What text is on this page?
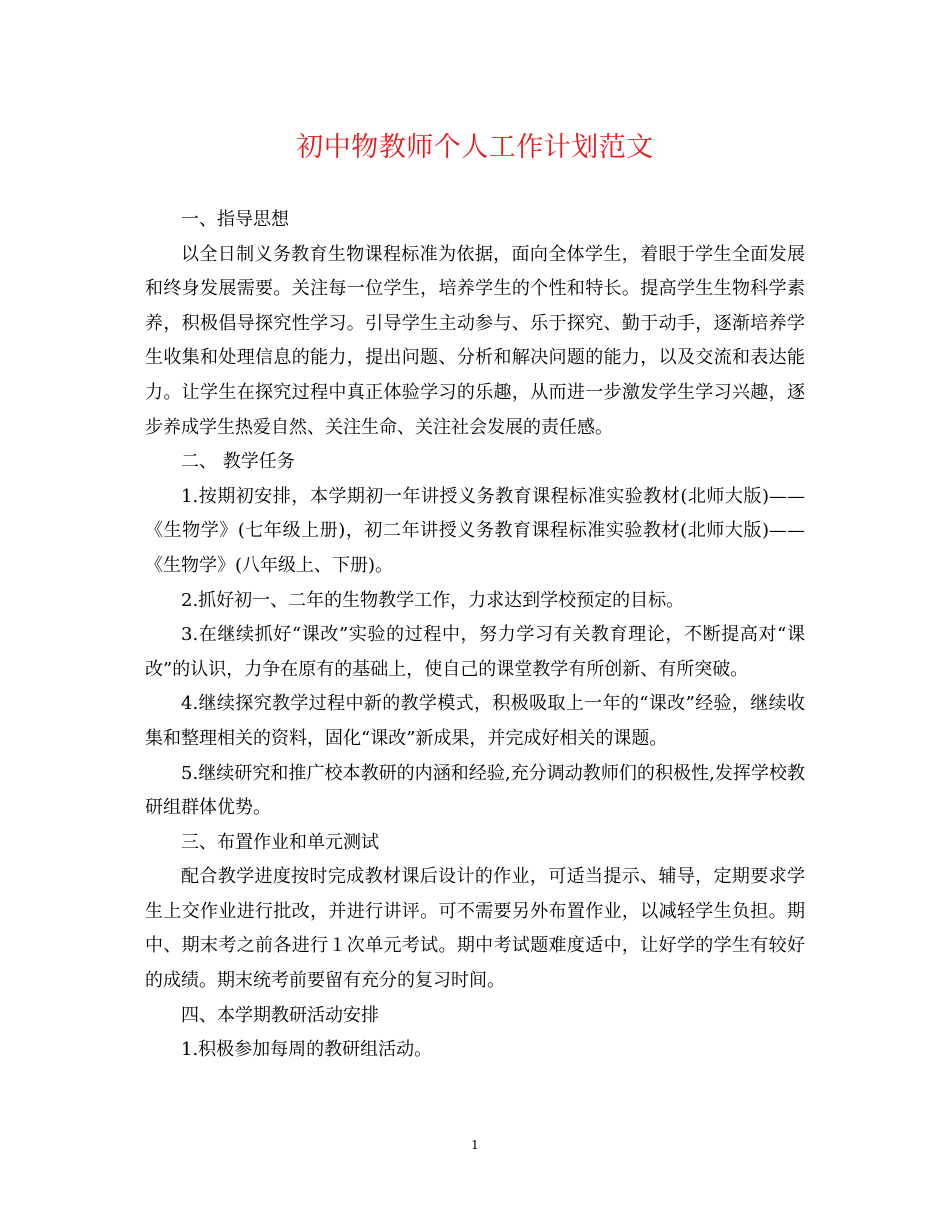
初中物教师个人工作计划范文

一、指导思想

以全日制义务教育生物课程标准为依据，面向全体学生，着眼于学生全面发展和终身发展需要。关注每一位学生，培养学生的个性和特长。提高学生生物科学素养，积极倡导探究性学习。引导学生主动参与、乐于探究、勤于动手，逐渐培养学生收集和处理信息的能力，提出问题、分析和解决问题的能力，以及交流和表达能力。让学生在探究过程中真正体验学习的乐趣，从而进一步激发学生学习兴趣，逐步养成学生热爱自然、关注生命、关注社会发展的责任感。

二、 教学任务

1.按期初安排，本学期初一年讲授义务教育课程标准实验教材(北师大版)——《生物学》(七年级上册)，初二年讲授义务教育课程标准实验教材(北师大版)——《生物学》(八年级上、下册)。

2.抓好初一、二年的生物教学工作，力求达到学校预定的目标。

3.在继续抓好“课改”实验的过程中，努力学习有关教育理论，不断提高对“课改”的认识，力争在原有的基础上，使自己的课堂教学有所创新、有所突破。

4.继续探究教学过程中新的教学模式，积极吸取上一年的“课改”经验，继续收集和整理相关的资料，固化“课改”新成果，并完成好相关的课题。

5.继续研究和推广校本教研的内涵和经验,充分调动教师们的积极性,发挥学校教研组群体优势。

三、布置作业和单元测试

配合教学进度按时完成教材课后设计的作业，可适当提示、辅导，定期要求学生上交作业进行批改，并进行讲评。可不需要另外布置作业，以减轻学生负担。期中、期末考之前各进行１次单元考试。期中考试题难度适中，让好学的学生有较好的成绩。期末统考前要留有充分的复习时间。

四、本学期教研活动安排

1.积极参加每周的教研组活动。

1
